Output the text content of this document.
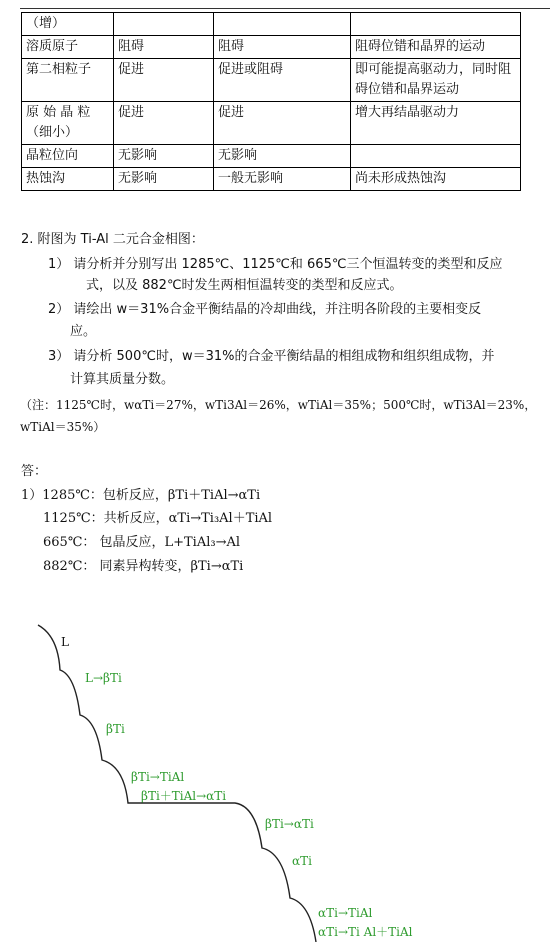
（增）			
溶质原子	阻碍	阻碍	阻碍位错和晶界的运动
第二相粒子	促进	促进或阻碍	即可能提高驱动力，同时阻碍位错和晶界运动
原 始 晶 粒 （细小）	促进	促进	增大再结晶驱动力
晶粒位向	无影响	无影响	
热蚀沟	无影响	一般无影响	尚未形成热蚀沟
2. 附图为 Ti-Al 二元合金相图：
1） 请分析并分别写出 1285℃、1125℃和 665℃三个恒温转变的类型和反应
式，以及 882℃时发生两相恒温转变的类型和反应式。
2） 请绘出 w＝31%合金平衡结晶的冷却曲线，并注明各阶段的主要相变反
应。
3） 请分析 500℃时，w＝31%的合金平衡结晶的相组成物和组织组成物，并
计算其质量分数。
（注：1125℃时，wαTi＝27%，wTi3Al＝26%，wTiAl＝35%；500℃时，wTi3Al＝23%，
wTiAl＝35%）
答：
1）1285℃：包析反应，βTi＋TiAl→αTi
1125℃：共析反应，αTi→Ti₃Al＋TiAl
665℃： 包晶反应，L+TiAl₃→Al
882℃： 同素异构转变，βTi→αTi
L
L→βTi
βTi
βTi→TiAl
βTi＋TiAl→αTi
βTi→αTi
αTi
αTi→TiAl
αTi→Ti Al＋TiAl
